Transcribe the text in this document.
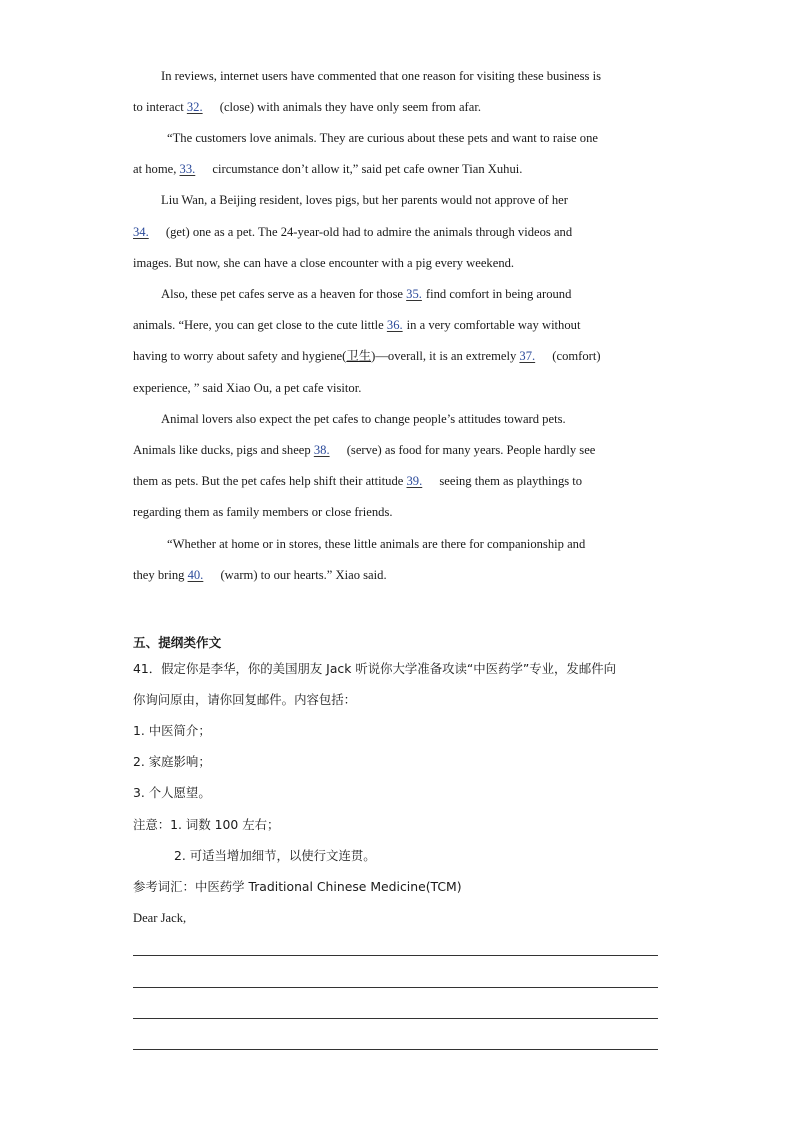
In reviews, internet users have commented that one reason for visiting these business is
to interact 32. (close) with animals they have only seem from afar.
“The customers love animals. They are curious about these pets and want to raise one
at home, 33. circumstance don’t allow it,” said pet cafe owner Tian Xuhui.
Liu Wan, a Beijing resident, loves pigs, but her parents would not approve of her
34. (get) one as a pet. The 24-year-old had to admire the animals through videos and
images. But now, she can have a close encounter with a pig every weekend.
Also, these pet cafes serve as a heaven for those 35. find comfort in being around
animals. “Here, you can get close to the cute little 36. in a very comfortable way without
having to worry about safety and hygiene(卫生)—overall, it is an extremely 37. (comfort)
experience, ” said Xiao Ou, a pet cafe visitor.
Animal lovers also expect the pet cafes to change people’s attitudes toward pets.
Animals like ducks, pigs and sheep 38. (serve) as food for many years. People hardly see
them as pets. But the pet cafes help shift their attitude 39. seeing them as playthings to
regarding them as family members or close friends.
“Whether at home or in stores, these little animals are there for companionship and
they bring 40. (warm) to our hearts.” Xiao said.
五、提纲类作文
41．假定你是李华，你的美国朋友 Jack 听说你大学准备攻读“中医药学”专业，发邮件向
你询问原由，请你回复邮件。内容包括：
1. 中医简介；
2. 家庭影响；
3. 个人愿望。
注意：1. 词数 100 左右；
2. 可适当增加细节，以使行文连贯。
参考词汇：中医药学 Traditional Chinese Medicine(TCM)
Dear Jack,
